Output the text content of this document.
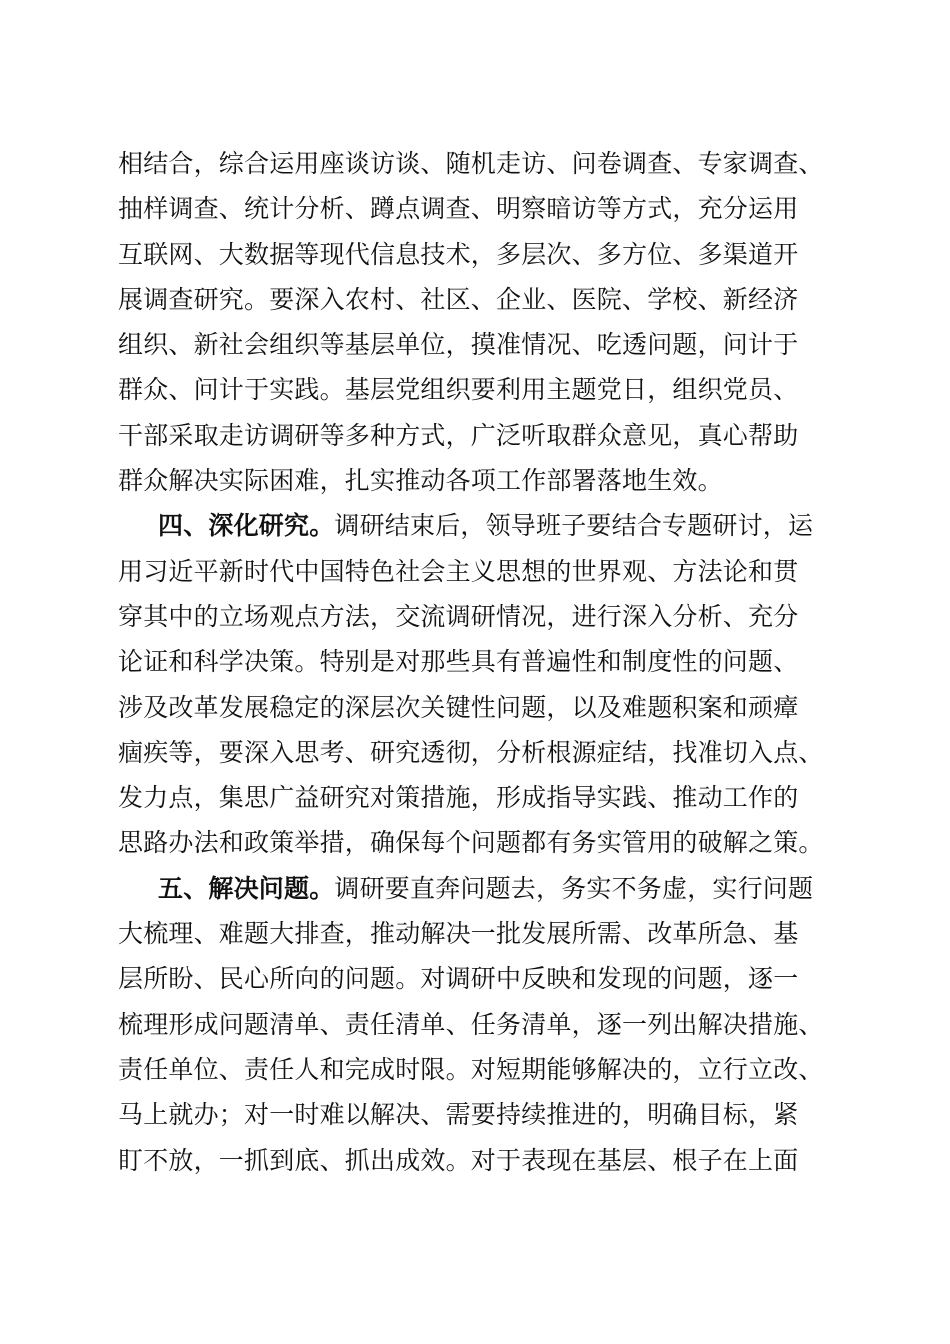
相结合，综合运用座谈访谈、随机走访、问卷调查、专家调查、
抽样调查、统计分析、蹲点调查、明察暗访等方式，充分运用
互联网、大数据等现代信息技术，多层次、多方位、多渠道开
展调查研究。要深入农村、社区、企业、医院、学校、新经济
组织、新社会组织等基层单位，摸准情况、吃透问题，问计于
群众、问计于实践。基层党组织要利用主题党日，组织党员、
干部采取走访调研等多种方式，广泛听取群众意见，真心帮助
群众解决实际困难，扎实推动各项工作部署落地生效。
四、深化研究。调研结束后，领导班子要结合专题研讨，运
用习近平新时代中国特色社会主义思想的世界观、方法论和贯
穿其中的立场观点方法，交流调研情况，进行深入分析、充分
论证和科学决策。特别是对那些具有普遍性和制度性的问题、
涉及改革发展稳定的深层次关键性问题，以及难题积案和顽瘴
痼疾等，要深入思考、研究透彻，分析根源症结，找准切入点、
发力点，集思广益研究对策措施，形成指导实践、推动工作的
思路办法和政策举措，确保每个问题都有务实管用的破解之策。
五、解决问题。调研要直奔问题去，务实不务虚，实行问题
大梳理、难题大排查，推动解决一批发展所需、改革所急、基
层所盼、民心所向的问题。对调研中反映和发现的问题，逐一
梳理形成问题清单、责任清单、任务清单，逐一列出解决措施、
责任单位、责任人和完成时限。对短期能够解决的，立行立改、
马上就办；对一时难以解决、需要持续推进的，明确目标，紧
盯不放，一抓到底、抓出成效。对于表现在基层、根子在上面
